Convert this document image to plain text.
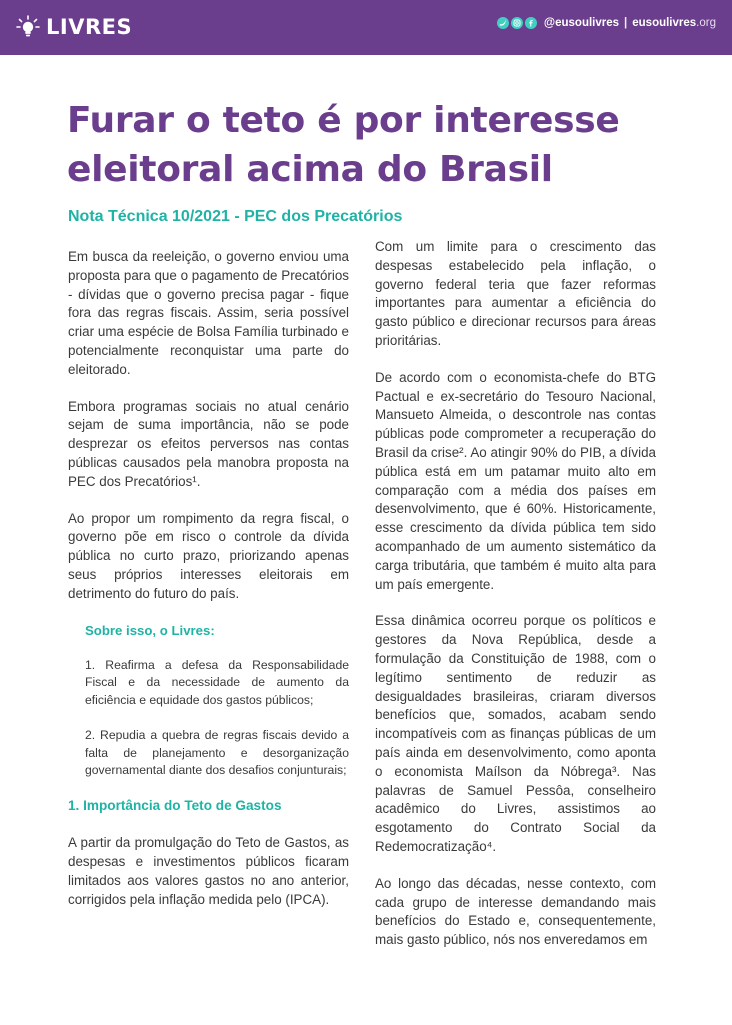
LIVRES	@eusoulivres | eusoulivres.org
Furar o teto é por interesse eleitoral acima do Brasil
Nota Técnica 10/2021 - PEC dos Precatórios

Em busca da reeleição, o governo enviou uma proposta para que o pagamento de Precatórios - dívidas que o governo precisa pagar - fique fora das regras fiscais. Assim, seria possível criar uma espécie de Bolsa Família turbinado e potencialmente reconquistar uma parte do eleitorado.

Embora programas sociais no atual cenário sejam de suma importância, não se pode desprezar os efeitos perversos nas contas públicas causados pela manobra proposta na PEC dos Precatórios¹.

Ao propor um rompimento da regra fiscal, o governo põe em risco o controle da dívida pública no curto prazo, priorizando apenas seus próprios interesses eleitorais em detrimento do futuro do país.

Sobre isso, o Livres:

1. Reafirma a defesa da Responsabilidade Fiscal e da necessidade de aumento da eficiência e equidade dos gastos públicos;

2. Repudia a quebra de regras fiscais devido a falta de planejamento e desorganização governamental diante dos desafios conjunturais;

1. Importância do Teto de Gastos

A partir da promulgação do Teto de Gastos, as despesas e investimentos públicos ficaram limitados aos valores gastos no ano anterior, corrigidos pela inflação medida pelo (IPCA).

Com um limite para o crescimento das despesas estabelecido pela inflação, o governo federal teria que fazer reformas importantes para aumentar a eficiência do gasto público e direcionar recursos para áreas prioritárias.

De acordo com o economista-chefe do BTG Pactual e ex-secretário do Tesouro Nacional, Mansueto Almeida, o descontrole nas contas públicas pode comprometer a recuperação do Brasil da crise². Ao atingir 90% do PIB, a dívida pública está em um patamar muito alto em comparação com a média dos países em desenvolvimento, que é 60%. Historicamente, esse crescimento da dívida pública tem sido acompanhado de um aumento sistemático da carga tributária, que também é muito alta para um país emergente.

Essa dinâmica ocorreu porque os políticos e gestores da Nova República, desde a formulação da Constituição de 1988, com o legítimo sentimento de reduzir as desigualdades brasileiras, criaram diversos benefícios que, somados, acabam sendo incompatíveis com as finanças públicas de um país ainda em desenvolvimento, como aponta o economista Maílson da Nóbrega³. Nas palavras de Samuel Pessôa, conselheiro acadêmico do Livres, assistimos ao esgotamento do Contrato Social da Redemocratização⁴.

Ao longo das décadas, nesse contexto, com cada grupo de interesse demandando mais benefícios do Estado e, consequentemente, mais gasto público, nós nos enveredamos em
